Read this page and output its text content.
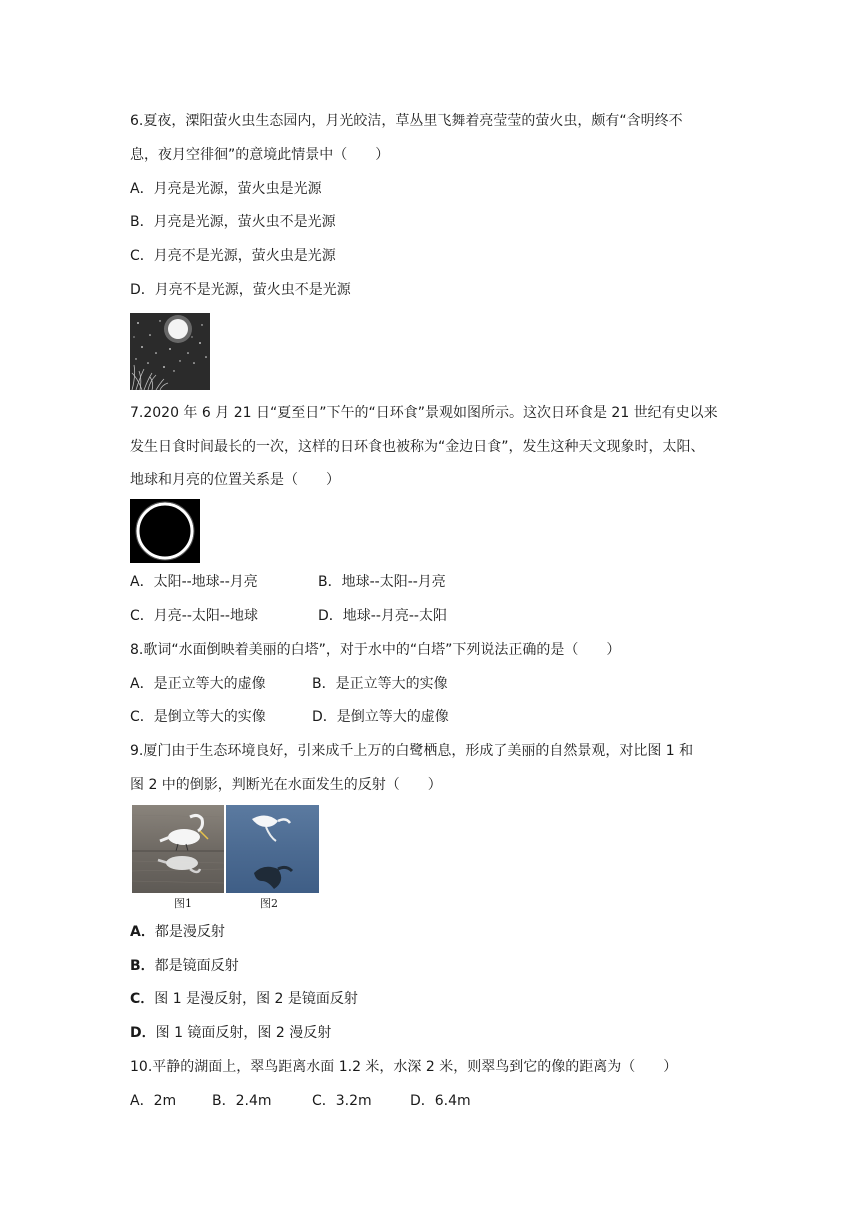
6.夏夜，溧阳萤火虫生态园内，月光皎洁，草丛里飞舞着亮莹莹的萤火虫，颇有“含明终不
息，夜月空徘徊”的意境此情景中（　　）
A．月亮是光源，萤火虫是光源
B．月亮是光源，萤火虫不是光源
C．月亮不是光源，萤火虫是光源
D．月亮不是光源，萤火虫不是光源
7.2020 年 6 月 21 日“夏至日”下午的“日环食”景观如图所示。这次日环食是 21 世纪有史以来
发生日食时间最长的一次，这样的日环食也被称为“金边日食”，发生这种天文现象时，太阳、
地球和月亮的位置关系是（　　）
A．太阳--地球--月亮	B．地球--太阳--月亮
C．月亮--太阳--地球	D．地球--月亮--太阳
8.歌词“水面倒映着美丽的白塔”，对于水中的“白塔”下列说法正确的是（　　）
A．是正立等大的虚像	B．是正立等大的实像
C．是倒立等大的实像	D．是倒立等大的虚像
9.厦门由于生态环境良好，引来成千上万的白鹭栖息，形成了美丽的自然景观，对比图 1 和
图 2 中的倒影，判断光在水面发生的反射（　　）
图1	图2
A．都是漫反射
B．都是镜面反射
C．图 1 是漫反射，图 2 是镜面反射
D．图 1 镜面反射，图 2 漫反射
10.平静的湖面上，翠鸟距离水面 1.2 米，水深 2 米，则翠鸟到它的像的距离为（　　）
A．2m	B．2.4m	C．3.2m	D．6.4m
